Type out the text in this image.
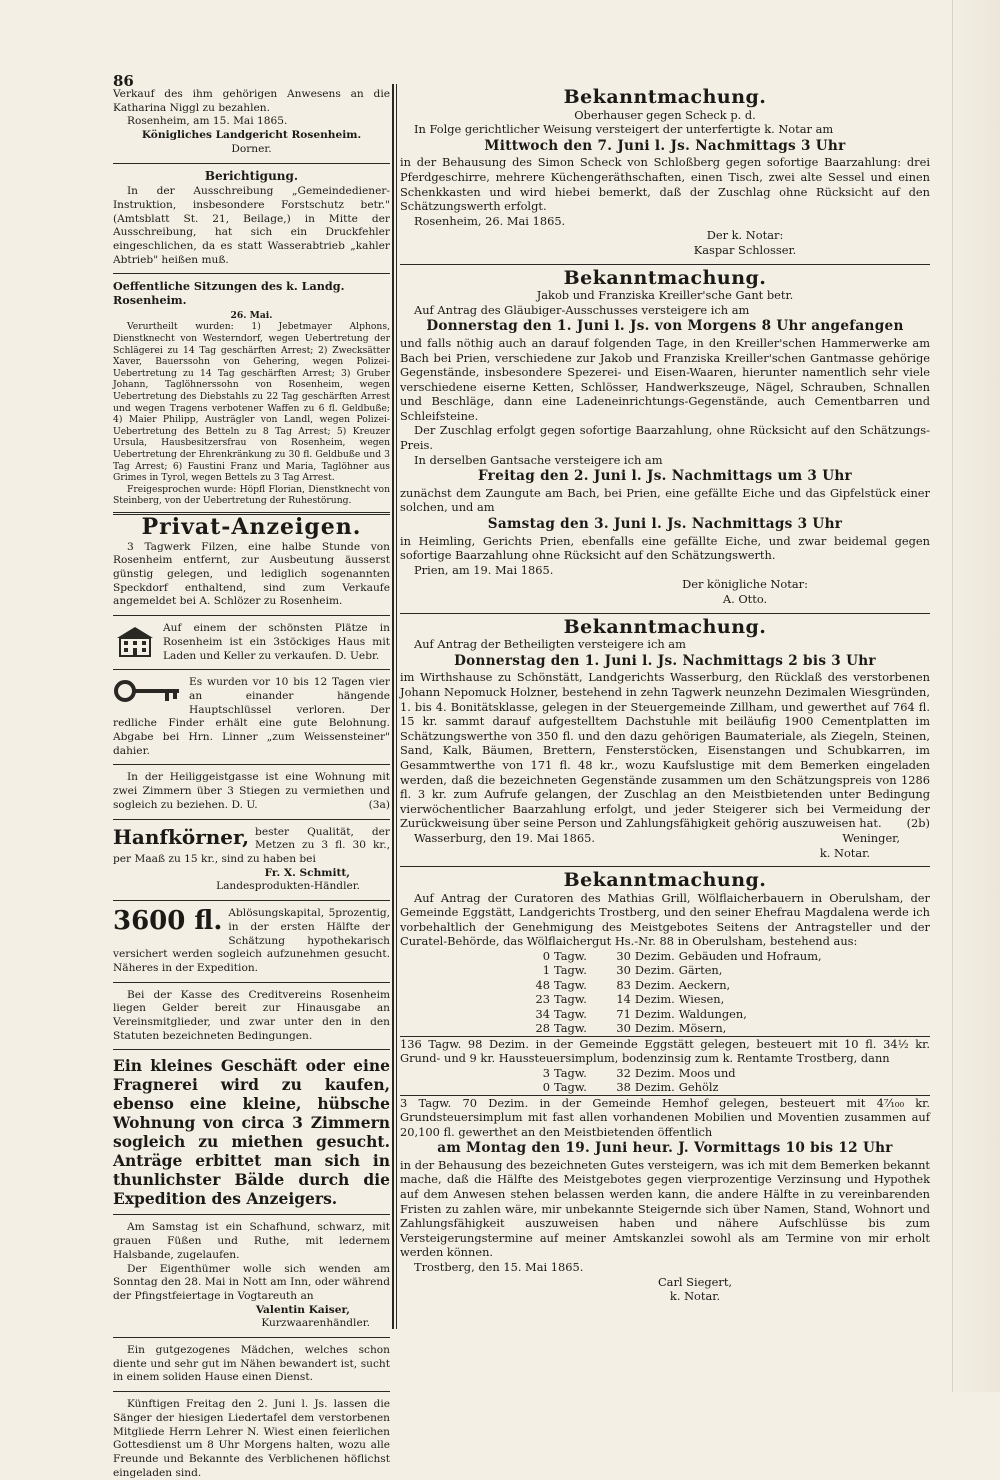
86

Verkauf des ihm gehörigen Anwesens an die Katharina Niggl zu bezahlen.

Rosenheim, am 15. Mai 1865.

Königliches Landgericht Rosenheim.

Dorner.

Berichtigung.

In der Ausschreibung „Gemeindediener-Instruktion, insbesondere Forstschutz betr." (Amtsblatt St. 21, Beilage,) in Mitte der Ausschreibung, hat sich ein Druckfehler eingeschlichen, da es statt Wasserabtrieb „kahler Abtrieb" heißen muß.

Oeffentliche Sitzungen des k. Landg. Rosenheim.

26. Mai.

Verurtheilt wurden: 1) Jebetmayer Alphons, Dienstknecht von Westerndorf, wegen Uebertretung der Schlägerei zu 14 Tag geschärften Arrest; 2) Zwecksätter Xaver, Bauerssohn von Gehering, wegen Polizei-Uebertretung zu 14 Tag geschärften Arrest; 3) Gruber Johann, Taglöhnerssohn von Rosenheim, wegen Uebertretung des Diebstahls zu 22 Tag geschärften Arrest und wegen Tragens verbotener Waffen zu 6 fl. Geldbuße; 4) Maier Philipp, Austrägler von Landl, wegen Polizei-Uebertretung des Betteln zu 8 Tag Arrest; 5) Kreuzer Ursula, Hausbesitzersfrau von Rosenheim, wegen Uebertretung der Ehrenkränkung zu 30 fl. Geldbuße und 3 Tag Arrest; 6) Faustini Franz und Maria, Taglöhner aus Grimes in Tyrol, wegen Bettels zu 3 Tag Arrest.

Freigesprochen wurde: Höpfl Florian, Dienstknecht von Steinberg, von der Uebertretung der Ruhestörung.

Privat-Anzeigen.

3 Tagwerk Filzen, eine halbe Stunde von Rosenheim entfernt, zur Ausbeutung äusserst günstig gelegen, und lediglich sogenannten Speckdorf enthaltend, sind zum Verkaufe angemeldet bei A. Schlözer zu Rosenheim.

Auf einem der schönsten Plätze in Rosenheim ist ein 3stöckiges Haus mit Laden und Keller zu verkaufen. D. Uebr.

Es wurden vor 10 bis 12 Tagen vier an einander hängende Hauptschlüssel verloren. Der redliche Finder erhält eine gute Belohnung. Abgabe bei Hrn. Linner „zum Weissensteiner" dahier.

In der Heiliggeistgasse ist eine Wohnung mit zwei Zimmern über 3 Stiegen zu vermiethen und sogleich zu beziehen. D. U.	(3a)

Hanfkörner, bester Qualität, der Metzen zu 3 fl. 30 kr., per Maaß zu 15 kr., sind zu haben bei

Fr. X. Schmitt,

Landesprodukten-Händler.

3600 fl. Ablösungskapital, 5prozentig, in der ersten Hälfte der Schätzung hypothekarisch versichert werden sogleich aufzunehmen gesucht. Näheres in der Expedition.

Bei der Kasse des Creditvereins Rosenheim liegen Gelder bereit zur Hinausgabe an Vereinsmitglieder, und zwar unter den in den Statuten bezeichneten Bedingungen.

Ein kleines Geschäft oder eine Fragnerei wird zu kaufen, ebenso eine kleine, hübsche Wohnung von circa 3 Zimmern sogleich zu miethen gesucht. Anträge erbittet man sich in thunlichster Bälde durch die Expedition des Anzeigers.

Am Samstag ist ein Schafhund, schwarz, mit grauen Füßen und Ruthe, mit ledernem Halsbande, zugelaufen.

Der Eigenthümer wolle sich wenden am Sonntag den 28. Mai in Nott am Inn, oder während der Pfingstfeiertage in Vogtareuth an

Valentin Kaiser,

Kurzwaarenhändler.

Ein gutgezogenes Mädchen, welches schon diente und sehr gut im Nähen bewandert ist, sucht in einem soliden Hause einen Dienst.

Künftigen Freitag den 2. Juni l. Js. lassen die Sänger der hiesigen Liedertafel dem verstorbenen Mitgliede Herrn Lehrer N. Wiest einen feierlichen Gottesdienst um 8 Uhr Morgens halten, wozu alle Freunde und Bekannte des Verblichenen höflichst eingeladen sind.

Bekanntmachung.

Oberhauser gegen Scheck p. d.

In Folge gerichtlicher Weisung versteigert der unterfertigte k. Notar am

Mittwoch den 7. Juni l. Js. Nachmittags 3 Uhr

in der Behausung des Simon Scheck von Schloßberg gegen sofortige Baarzahlung: drei Pferdgeschirre, mehrere Küchengeräthschaften, einen Tisch, zwei alte Sessel und einen Schenkkasten und wird hiebei bemerkt, daß der Zuschlag ohne Rücksicht auf den Schätzungswerth erfolgt.

Rosenheim, 26. Mai 1865.

Der k. Notar:

Kaspar Schlosser.

Bekanntmachung.

Jakob und Franziska Kreiller'sche Gant betr.

Auf Antrag des Gläubiger-Ausschusses versteigere ich am

Donnerstag den 1. Juni l. Js. von Morgens 8 Uhr angefangen

und falls nöthig auch an darauf folgenden Tage, in den Kreiller'schen Hammerwerke am Bach bei Prien, verschiedene zur Jakob und Franziska Kreiller'schen Gantmasse gehörige Gegenstände, insbesondere Spezerei- und Eisen-Waaren, hierunter namentlich sehr viele verschiedene eiserne Ketten, Schlösser, Handwerkszeuge, Nägel, Schrauben, Schnallen und Beschläge, dann eine Ladeneinrichtungs-Gegenstände, auch Cementbarren und Schleifsteine.

Der Zuschlag erfolgt gegen sofortige Baarzahlung, ohne Rücksicht auf den Schätzungs-Preis.

In derselben Gantsache versteigere ich am

Freitag den 2. Juni l. Js. Nachmittags um 3 Uhr

zunächst dem Zaungute am Bach, bei Prien, eine gefällte Eiche und das Gipfelstück einer solchen, und am

Samstag den 3. Juni l. Js. Nachmittags 3 Uhr

in Heimling, Gerichts Prien, ebenfalls eine gefällte Eiche, und zwar beidemal gegen sofortige Baarzahlung ohne Rücksicht auf den Schätzungswerth.

Prien, am 19. Mai 1865.

Der königliche Notar:

A. Otto.

Bekanntmachung.

Auf Antrag der Betheiligten versteigere ich am

Donnerstag den 1. Juni l. Js. Nachmittags 2 bis 3 Uhr

im Wirthshause zu Schönstätt, Landgerichts Wasserburg, den Rücklaß des verstorbenen Johann Nepomuck Holzner, bestehend in zehn Tagwerk neunzehn Dezimalen Wiesgründen, 1. bis 4. Bonitätsklasse, gelegen in der Steuergemeinde Zillham, und gewerthet auf 764 fl. 15 kr. sammt darauf aufgestelltem Dachstuhle mit beiläufig 1900 Cementplatten im Schätzungswerthe von 350 fl. und den dazu gehörigen Baumateriale, als Ziegeln, Steinen, Sand, Kalk, Bäumen, Brettern, Fensterstöcken, Eisenstangen und Schubkarren, im Gesammtwerthe von 171 fl. 48 kr., wozu Kaufslustige mit dem Bemerken eingeladen werden, daß die bezeichneten Gegenstände zusammen um den Schätzungspreis von 1286 fl. 3 kr. zum Aufrufe gelangen, der Zuschlag an den Meistbietenden unter Bedingung vierwöchentlicher Baarzahlung erfolgt, und jeder Steigerer sich bei Vermeidung der Zurückweisung über seine Person und Zahlungsfähigkeit gehörig auszuweisen hat. (2b)

Wasserburg, den 19. Mai 1865.	Weninger,

k. Notar.

Bekanntmachung.

Auf Antrag der Curatoren des Mathias Grill, Wölflaicherbauern in Oberulsham, der Gemeinde Eggstätt, Landgerichts Trostberg, und den seiner Ehefrau Magdalena werde ich vorbehaltlich der Genehmigung des Meistgebotes Seitens der Antragsteller und der Curatel-Behörde, das Wölflaichergut Hs.-Nr. 88 in Oberulsham, bestehend aus:

0	Tagw.	30	Dezim.	Gebäuden und Hofraum,
1	Tagw.	30	Dezim.	Gärten,
48	Tagw.	83	Dezim.	Aeckern,
23	Tagw.	14	Dezim.	Wiesen,
34	Tagw.	71	Dezim.	Waldungen,
28	Tagw.	30	Dezim.	Mösern,

136 Tagw. 98 Dezim. in der Gemeinde Eggstätt gelegen, besteuert mit 10 fl. 34½ kr. Grund- und 9 kr. Haussteuersimplum, bodenzinsig zum k. Rentamte Trostberg, dann

3	Tagw.	32	Dezim.	Moos und
0	Tagw.	38	Dezim.	Gehölz

3 Tagw. 70 Dezim. in der Gemeinde Hemhof gelegen, besteuert mit 4⁷⁄₁₀₀ kr. Grundsteuersimplum mit fast allen vorhandenen Mobilien und Moventien zusammen auf 20,100 fl. gewerthet an den Meistbietenden öffentlich

am Montag den 19. Juni heur. J. Vormittags 10 bis 12 Uhr

in der Behausung des bezeichneten Gutes versteigern, was ich mit dem Bemerken bekannt mache, daß die Hälfte des Meistgebotes gegen vierprozentige Verzinsung und Hypothek auf dem Anwesen stehen belassen werden kann, die andere Hälfte in zu vereinbarenden Fristen zu zahlen wäre, mir unbekannte Steigernde sich über Namen, Stand, Wohnort und Zahlungsfähigkeit auszuweisen haben und nähere Aufschlüsse bis zum Versteigerungstermine auf meiner Amtskanzlei sowohl als am Termine von mir erholt werden können.

Trostberg, den 15. Mai 1865.

Carl Siegert,

k. Notar.
